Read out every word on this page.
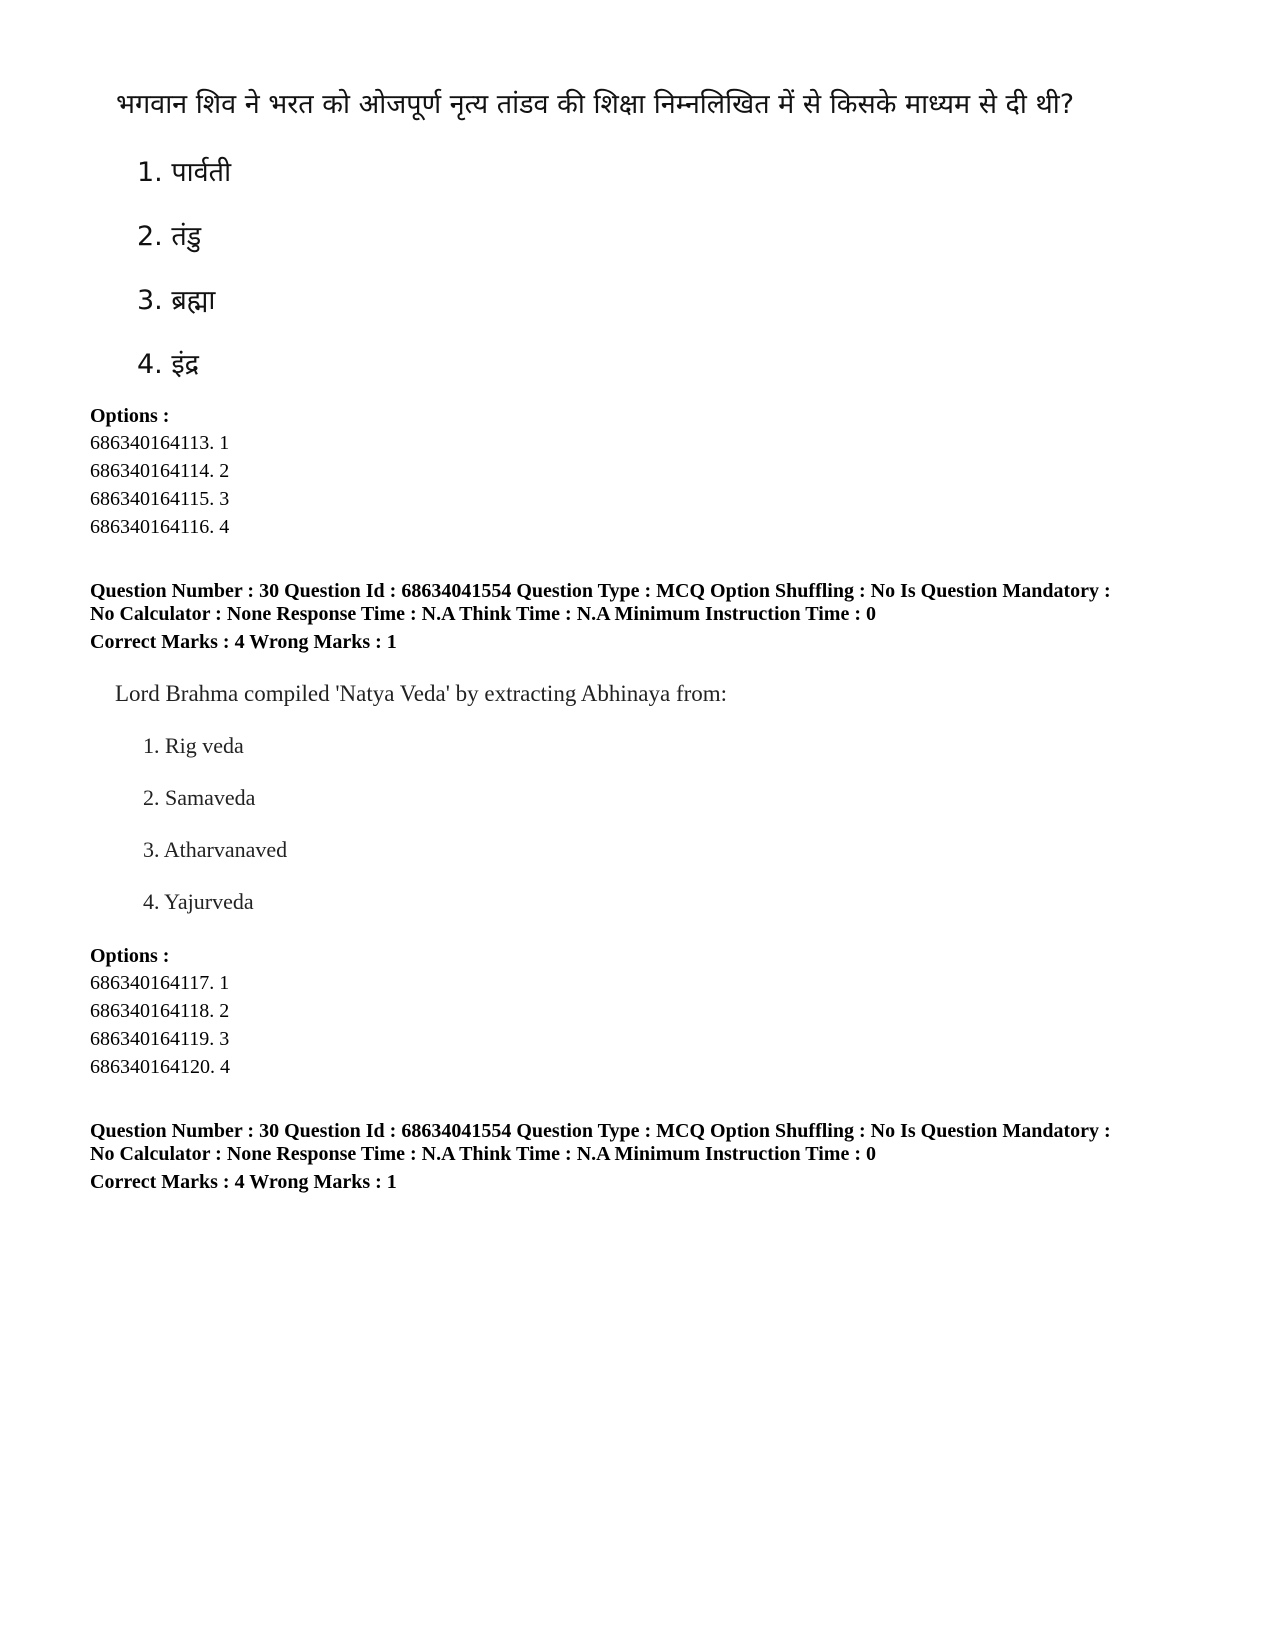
भगवान शिव ने भरत को ओजपूर्ण नृत्य तांडव की शिक्षा निम्नलिखित में से किसके माध्यम से दी थी?
1. पार्वती
2. तंडु
3. ब्रह्मा
4. इंद्र
Options :
686340164113. 1
686340164114. 2
686340164115. 3
686340164116. 4
Question Number : 30 Question Id : 68634041554 Question Type : MCQ Option Shuffling : No Is Question Mandatory :
No Calculator : None Response Time : N.A Think Time : N.A Minimum Instruction Time : 0
Correct Marks : 4 Wrong Marks : 1
Lord Brahma compiled 'Natya Veda' by extracting Abhinaya from:
1. Rig veda
2. Samaveda
3. Atharvanaved
4. Yajurveda
Options :
686340164117. 1
686340164118. 2
686340164119. 3
686340164120. 4
Question Number : 30 Question Id : 68634041554 Question Type : MCQ Option Shuffling : No Is Question Mandatory :
No Calculator : None Response Time : N.A Think Time : N.A Minimum Instruction Time : 0
Correct Marks : 4 Wrong Marks : 1
